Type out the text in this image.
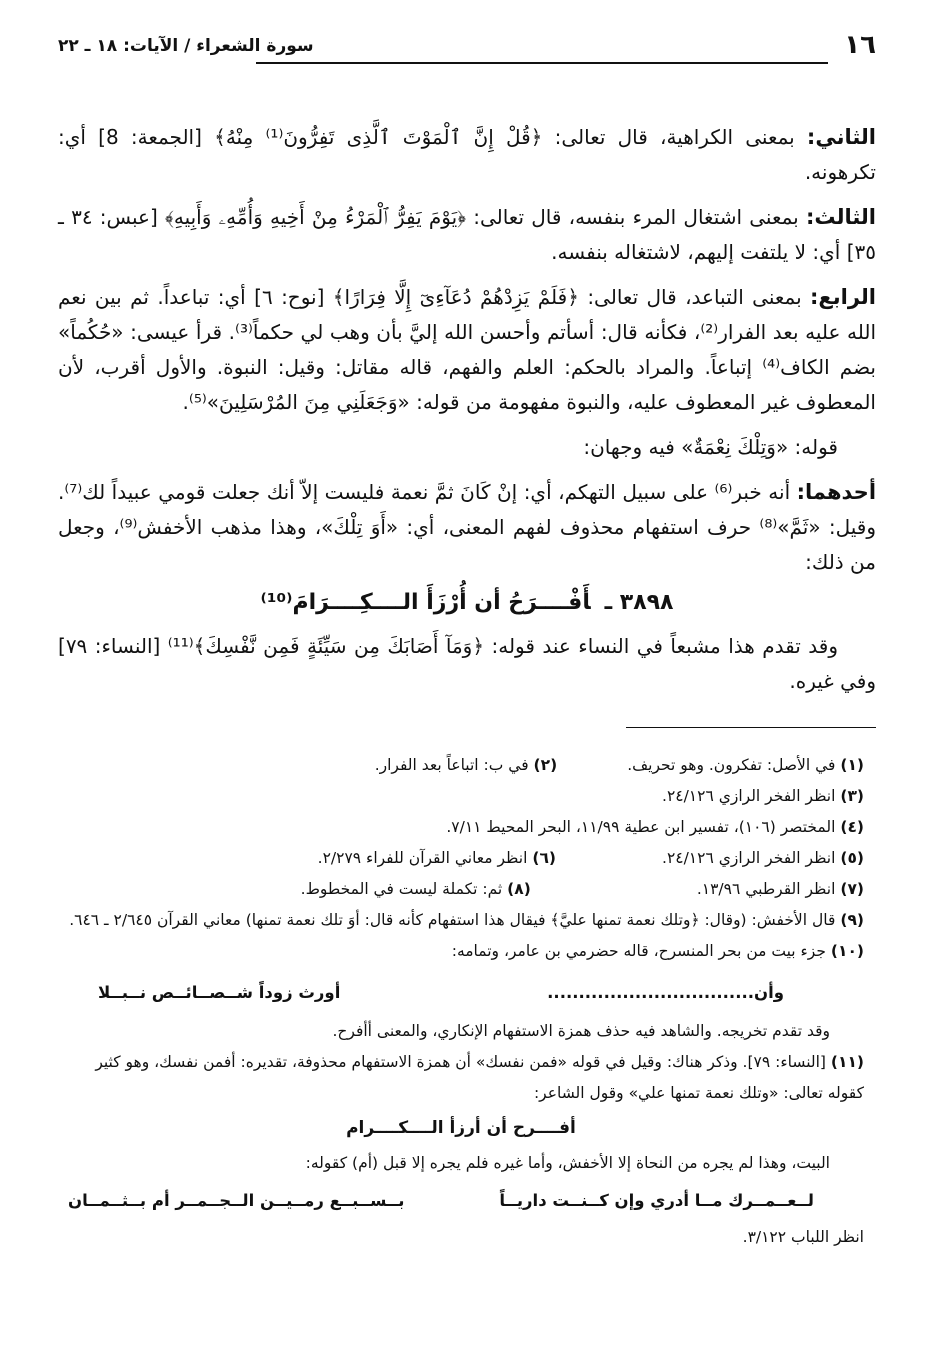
١٦
سورة الشعراء / الآيات: ١٨ ـ ٢٢

الثاني: بمعنى الكراهية، قال تعالى: ﴿قُلْ إِنَّ ٱلْمَوْتَ ٱلَّذِى تَفِرُّونَ⁽¹⁾ مِنْهُ﴾ [الجمعة: 8] أي: تكرهونه.

الثالث: بمعنى اشتغال المرء بنفسه، قال تعالى: ﴿يَوْمَ يَفِرُّ ٱلْمَرْءُ مِنْ أَخِيهِ وَأُمِّهِۦ وَأَبِيهِ﴾ [عبس: ٣٤ ـ ٣٥] أي: لا يلتفت إليهم، لاشتغاله بنفسه.

الرابع: بمعنى التباعد، قال تعالى: ﴿فَلَمْ يَزِدْهُمْ دُعَآءِىٓ إِلَّا فِرَارًا﴾ [نوح: ٦] أي: تباعداً. ثم بين نعم الله عليه بعد الفرار⁽²⁾، فكأنه قال: أسأتم وأحسن الله إليَّ بأن وهب لي حكماً⁽³⁾. قرأ عيسى: «حُكُماً» بضم الكاف⁽⁴⁾ إتباعاً. والمراد بالحكم: العلم والفهم، قاله مقاتل: وقيل: النبوة. والأول أقرب، لأن المعطوف غير المعطوف عليه، والنبوة مفهومة من قوله: «وَجَعَلَنِي مِنَ المُرْسَلِينَ»⁽⁵⁾.

قوله: «وَتِلْكَ نِعْمَةٌ» فيه وجهان:

أحدهما: أنه خبر⁽⁶⁾ على سبيل التهكم، أي: إنْ كَانَ ثمَّ نعمة فليست إلاّ أنك جعلت قومي عبيداً لك⁽⁷⁾. وقيل: «ثَمَّ»⁽⁸⁾ حرف استفهام محذوف لفهم المعنى، أي: «أَوَ تِلْكَ»، وهذا مذهب الأخفش⁽⁹⁾، وجعل من ذلك:

٣٨٩٨ ـأَفْــــرَحُ أن أُرْزَأَ الــــكِــــرَامَ⁽¹⁰⁾

وقد تقدم هذا مشبعاً في النساء عند قوله: ﴿وَمَآ أَصَابَكَ مِن سَيِّئَةٍ فَمِن نَّفْسِكَ﴾⁽¹¹⁾ [النساء: ٧٩] وفي غيره.

(١) في الأصل: تفكرون. وهو تحريف.
(٢) في ب: اتباعاً بعد الفرار.
(٣) انظر الفخر الرازي ٢٤/١٢٦.
(٤) المختصر (١٠٦)، تفسير ابن عطية ١١/٩٩، البحر المحيط ٧/١١.
(٥) انظر الفخر الرازي ٢٤/١٢٦.
(٦) انظر معاني القرآن للفراء ٢/٢٧٩.
(٧) انظر القرطبي ١٣/٩٦.
(٨) ثم: تكملة ليست في المخطوط.
(٩) قال الأخفش: (وقال: ﴿وتلك نعمة تمنها عليَّ﴾ فيقال هذا استفهام كأنه قال: أوَ تلك نعمة تمنها) معاني القرآن ٢/٦٤٥ ـ ٦٤٦.
(١٠) جزء بيت من بحر المنسرح، قاله حضرمي بن عامر، وتمامه:
وأن.................................
أورث زوداً شــصــائــص نــبــلا
وقد تقدم تخريجه. والشاهد فيه حذف همزة الاستفهام الإنكاري، والمعنى أأفرح.
(١١) [النساء: ٧٩]. وذكر هناك: وقيل في قوله «فمن نفسك» أن همزة الاستفهام محذوفة، تقديره: أفمن نفسك، وهو كثير كقوله تعالى: «وتلك نعمة تمنها علي» وقول الشاعر:
أفــــرح أن أرزأ الــــكــــرام
البيت، وهذا لم يجره من النحاة إلا الأخفش، وأما غيره فلم يجره إلا قبل (أم) كقوله:
لــعــمــرك مــا أدري وإن كــنــت داريــاً
بــســبــع رمــيــن الــجــمــر أم بــثــمــان
انظر اللباب ٣/١٢٢.
